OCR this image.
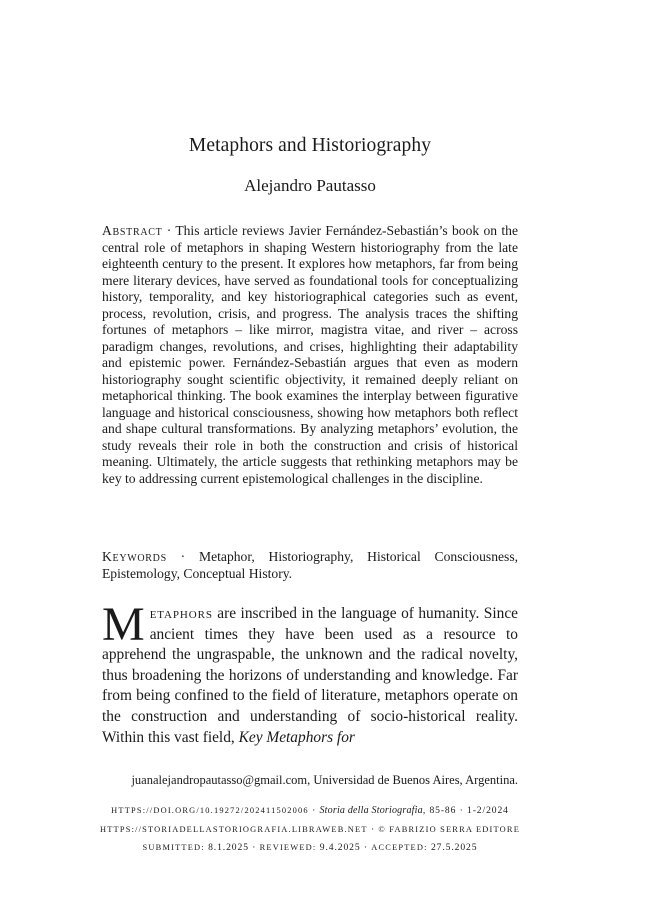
Metaphors and Historiography
Alejandro Pautasso
Abstract · This article reviews Javier Fernández-Sebastián’s book on the central role of metaphors in shaping Western historiography from the late eighteenth century to the present. It explores how metaphors, far from being mere literary devices, have served as foundational tools for conceptualizing history, temporality, and key historiographical categories such as event, process, revolution, crisis, and progress. The analysis traces the shifting fortunes of metaphors – like mirror, magistra vitae, and river – across paradigm changes, revolutions, and crises, highlighting their adaptability and epistemic power. Fernández-Sebastián argues that even as modern historiography sought scientific objectivity, it remained deeply reliant on metaphorical thinking. The book examines the interplay between figurative language and historical consciousness, showing how metaphors both reflect and shape cultural transformations. By analyzing metaphors’ evolution, the study reveals their role in both the construction and crisis of historical meaning. Ultimately, the article suggests that rethinking metaphors may be key to addressing current epistemological challenges in the discipline.
Keywords · Metaphor, Historiography, Historical Consciousness, Epistemology, Conceptual History.
Metaphors are inscribed in the language of humanity. Since ancient times they have been used as a resource to apprehend the ungraspable, the unknown and the radical novelty, thus broadening the horizons of understanding and knowledge. Far from being confined to the field of literature, metaphors operate on the construction and understanding of socio-historical reality. Within this vast field, Key Metaphors for
juanalejandropautasso@gmail.com, Universidad de Buenos Aires, Argentina.
HTTPS://DOI.ORG/10.19272/202411502006 · Storia della Storiografia, 85-86 · 1-2/2024
HTTPS://STORIADELLASTORIOGRAFIA.LIBRAWEB.NET · © FABRIZIO SERRA EDITORE
SUBMITTED: 8.1.2025 · REVIEWED: 9.4.2025 · ACCEPTED: 27.5.2025
